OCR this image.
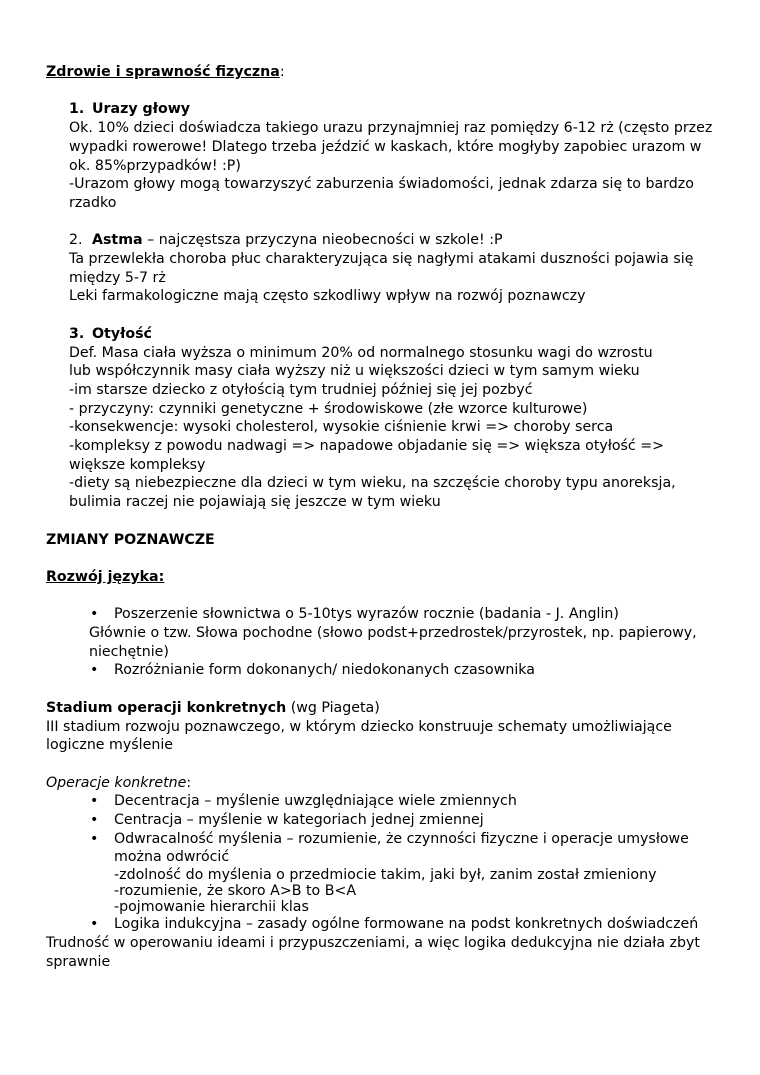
Zdrowie i sprawność fizyczna:
1. Urazy głowy
Ok. 10% dzieci doświadcza takiego urazu przynajmniej raz pomiędzy 6-12 rż (często przez
wypadki rowerowe! Dlatego trzeba jeździć w kaskach, które mogłyby zapobiec urazom w
ok. 85%przypadków! :P)
-Urazom głowy mogą towarzyszyć zaburzenia świadomości, jednak zdarza się to bardzo
rzadko
2. Astma – najczęstsza przyczyna nieobecności w szkole! :P
Ta przewlekła choroba płuc charakteryzująca się nagłymi atakami duszności pojawia się
między 5-7 rż
Leki farmakologiczne mają często szkodliwy wpływ na rozwój poznawczy
3. Otyłość
Def. Masa ciała wyższa o minimum 20% od normalnego stosunku wagi do wzrostu
lub współczynnik masy ciała wyższy niż u większości dzieci w tym samym wieku
-im starsze dziecko z otyłością tym trudniej później się jej pozbyć
- przyczyny: czynniki genetyczne + środowiskowe (złe wzorce kulturowe)
-konsekwencje: wysoki cholesterol, wysokie ciśnienie krwi => choroby serca
-kompleksy z powodu nadwagi => napadowe objadanie się => większa otyłość =>
większe kompleksy
-diety są niebezpieczne dla dzieci w tym wieku, na szczęście choroby typu anoreksja,
bulimia raczej nie pojawiają się jeszcze w tym wieku
ZMIANY POZNAWCZE
Rozwój języka:
•	Poszerzenie słownictwa o 5-10tys wyrazów rocznie (badania - J. Anglin)
Głównie o tzw. Słowa pochodne (słowo podst+przedrostek/przyrostek, np. papierowy,
niechętnie)
•	Rozróżnianie form dokonanych/ niedokonanych czasownika
Stadium operacji konkretnych (wg Piageta)
III stadium rozwoju poznawczego, w którym dziecko konstruuje schematy umożliwiające
logiczne myślenie
Operacje konkretne:
•	Decentracja – myślenie uwzględniające wiele zmiennych
•	Centracja – myślenie w kategoriach jednej zmiennej
•	Odwracalność myślenia – rozumienie, że czynności fizyczne i operacje umysłowe
można odwrócić
-zdolność do myślenia o przedmiocie takim, jaki był, zanim został zmieniony
-rozumienie, że skoro A>B to B<A
-pojmowanie hierarchii klas
•	Logika indukcyjna – zasady ogólne formowane na podst konkretnych doświadczeń
Trudność w operowaniu ideami i przypuszczeniami, a więc logika dedukcyjna nie działa zbyt
sprawnie
